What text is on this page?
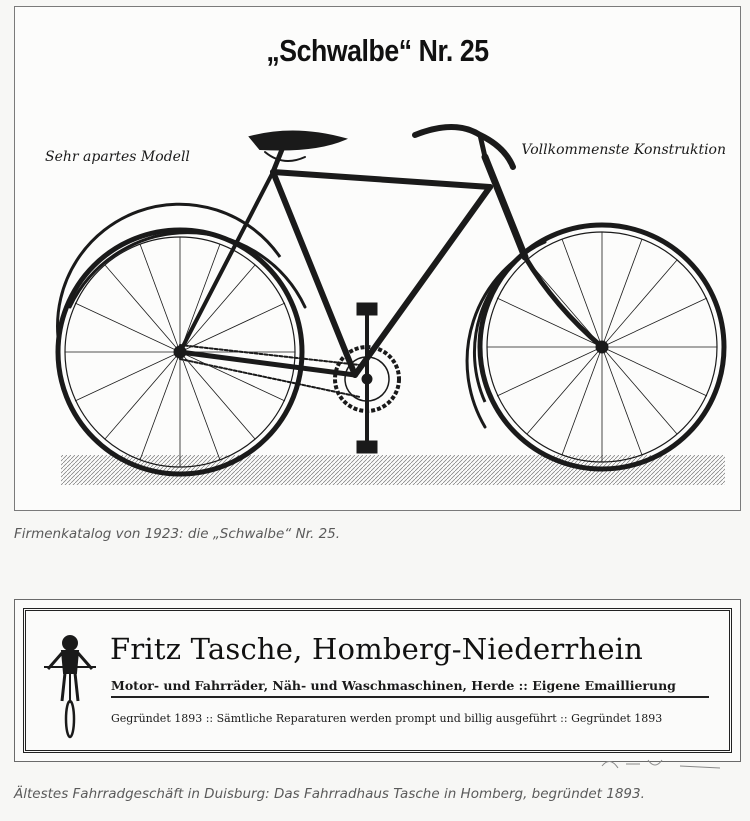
„Schwalbe“ Nr. 25
Sehr apartes Modell	Vollkommenste Konstruktion
Firmenkatalog von 1923: die „Schwalbe“ Nr. 25.
Fritz Tasche, Homberg-Niederrhein
Motor- und Fahrräder, Näh- und Waschmaschinen, Herde :: Eigene Emaillierung
Gegründet 1893 :: Sämtliche Reparaturen werden prompt und billig ausgeführt :: Gegründet 1893
Ältestes Fahrradgeschäft in Duisburg: Das Fahrradhaus Tasche in Homberg, begründet 1893.
